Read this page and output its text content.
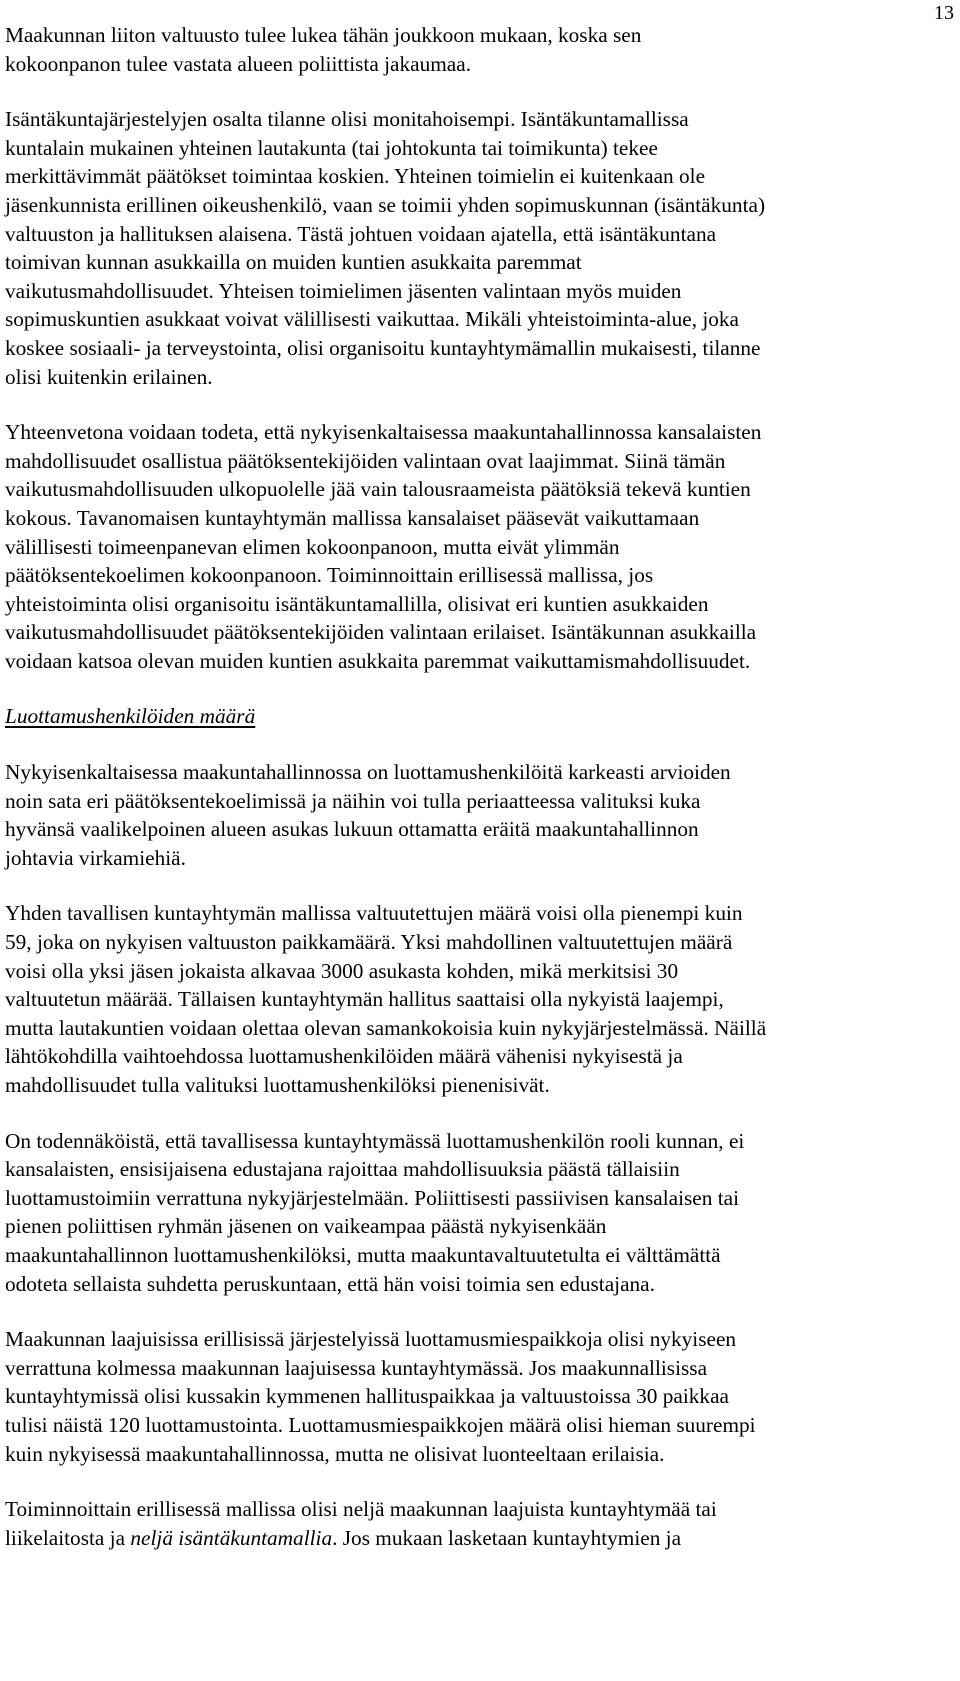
13

Maakunnan liiton valtuusto tulee lukea tähän joukkoon mukaan, koska sen
kokoonpanon tulee vastata alueen poliittista jakaumaa.

Isäntäkuntajärjestelyjen osalta tilanne olisi monitahoisempi. Isäntäkuntamallissa
kuntalain mukainen yhteinen lautakunta (tai johtokunta tai toimikunta) tekee
merkittävimmät päätökset toimintaa koskien. Yhteinen toimielin ei kuitenkaan ole
jäsenkunnista erillinen oikeushenkilö, vaan se toimii yhden sopimuskunnan (isäntäkunta)
valtuuston ja hallituksen alaisena. Tästä johtuen voidaan ajatella, että isäntäkuntana
toimivan kunnan asukkailla on muiden kuntien asukkaita paremmat
vaikutusmahdollisuudet. Yhteisen toimielimen jäsenten valintaan myös muiden
sopimuskuntien asukkaat voivat välillisesti vaikuttaa. Mikäli yhteistoiminta-alue, joka
koskee sosiaali- ja terveystointa, olisi organisoitu kuntayhtymämallin mukaisesti, tilanne
olisi kuitenkin erilainen.

Yhteenvetona voidaan todeta, että nykyisenkaltaisessa maakuntahallinnossa kansalaisten
mahdollisuudet osallistua päätöksentekijöiden valintaan ovat laajimmat. Siinä tämän
vaikutusmahdollisuuden ulkopuolelle jää vain talousraameista päätöksiä tekevä kuntien
kokous. Tavanomaisen kuntayhtymän mallissa kansalaiset pääsevät vaikuttamaan
välillisesti toimeenpanevan elimen kokoonpanoon, mutta eivät ylimmän
päätöksentekoelimen kokoonpanoon. Toiminnoittain erillisessä mallissa, jos
yhteistoiminta olisi organisoitu isäntäkuntamallilla, olisivat eri kuntien asukkaiden
vaikutusmahdollisuudet päätöksentekijöiden valintaan erilaiset. Isäntäkunnan asukkailla
voidaan katsoa olevan muiden kuntien asukkaita paremmat vaikuttamismahdollisuudet.

Luottamushenkilöiden määrä

Nykyisenkaltaisessa maakuntahallinnossa on luottamushenkilöitä karkeasti arvioiden
noin sata eri päätöksentekoelimissä ja näihin voi tulla periaatteessa valituksi kuka
hyvänsä vaalikelpoinen alueen asukas lukuun ottamatta eräitä maakuntahallinnon
johtavia virkamiehiä.

Yhden tavallisen kuntayhtymän mallissa valtuutettujen määrä voisi olla pienempi kuin
59, joka on nykyisen valtuuston paikkamäärä. Yksi mahdollinen valtuutettujen määrä
voisi olla yksi jäsen jokaista alkavaa 3000 asukasta kohden, mikä merkitsisi 30
valtuutetun määrää. Tällaisen kuntayhtymän hallitus saattaisi olla nykyistä laajempi,
mutta lautakuntien voidaan olettaa olevan samankokoisia kuin nykyjärjestelmässä. Näillä
lähtökohdilla vaihtoehdossa luottamushenkilöiden määrä vähenisi nykyisestä ja
mahdollisuudet tulla valituksi luottamushenkilöksi pienenisivät.

On todennäköistä, että tavallisessa kuntayhtymässä luottamushenkilön rooli kunnan, ei
kansalaisten, ensisijaisena edustajana rajoittaa mahdollisuuksia päästä tällaisiin
luottamustoimiin verrattuna nykyjärjestelmään. Poliittisesti passiivisen kansalaisen tai
pienen poliittisen ryhmän jäsenen on vaikeampaa päästä nykyisenkään
maakuntahallinnon luottamushenkilöksi, mutta maakuntavaltuutetulta ei välttämättä
odoteta sellaista suhdetta peruskuntaan, että hän voisi toimia sen edustajana.

Maakunnan laajuisissa erillisissä järjestelyissä luottamusmiespaikkoja olisi nykyiseen
verrattuna kolmessa maakunnan laajuisessa kuntayhtymässä. Jos maakunnallisissa
kuntayhtymissä olisi kussakin kymmenen hallituspaikkaa ja valtuustoissa 30 paikkaa
tulisi näistä 120 luottamustointa. Luottamusmiespaikkojen määrä olisi hieman suurempi
kuin nykyisessä maakuntahallinnossa, mutta ne olisivat luonteeltaan erilaisia.

Toiminnoittain erillisessä mallissa olisi neljä maakunnan laajuista kuntayhtymää tai
liikelaitosta ja neljä isäntäkuntamallia. Jos mukaan lasketaan kuntayhtymien ja
